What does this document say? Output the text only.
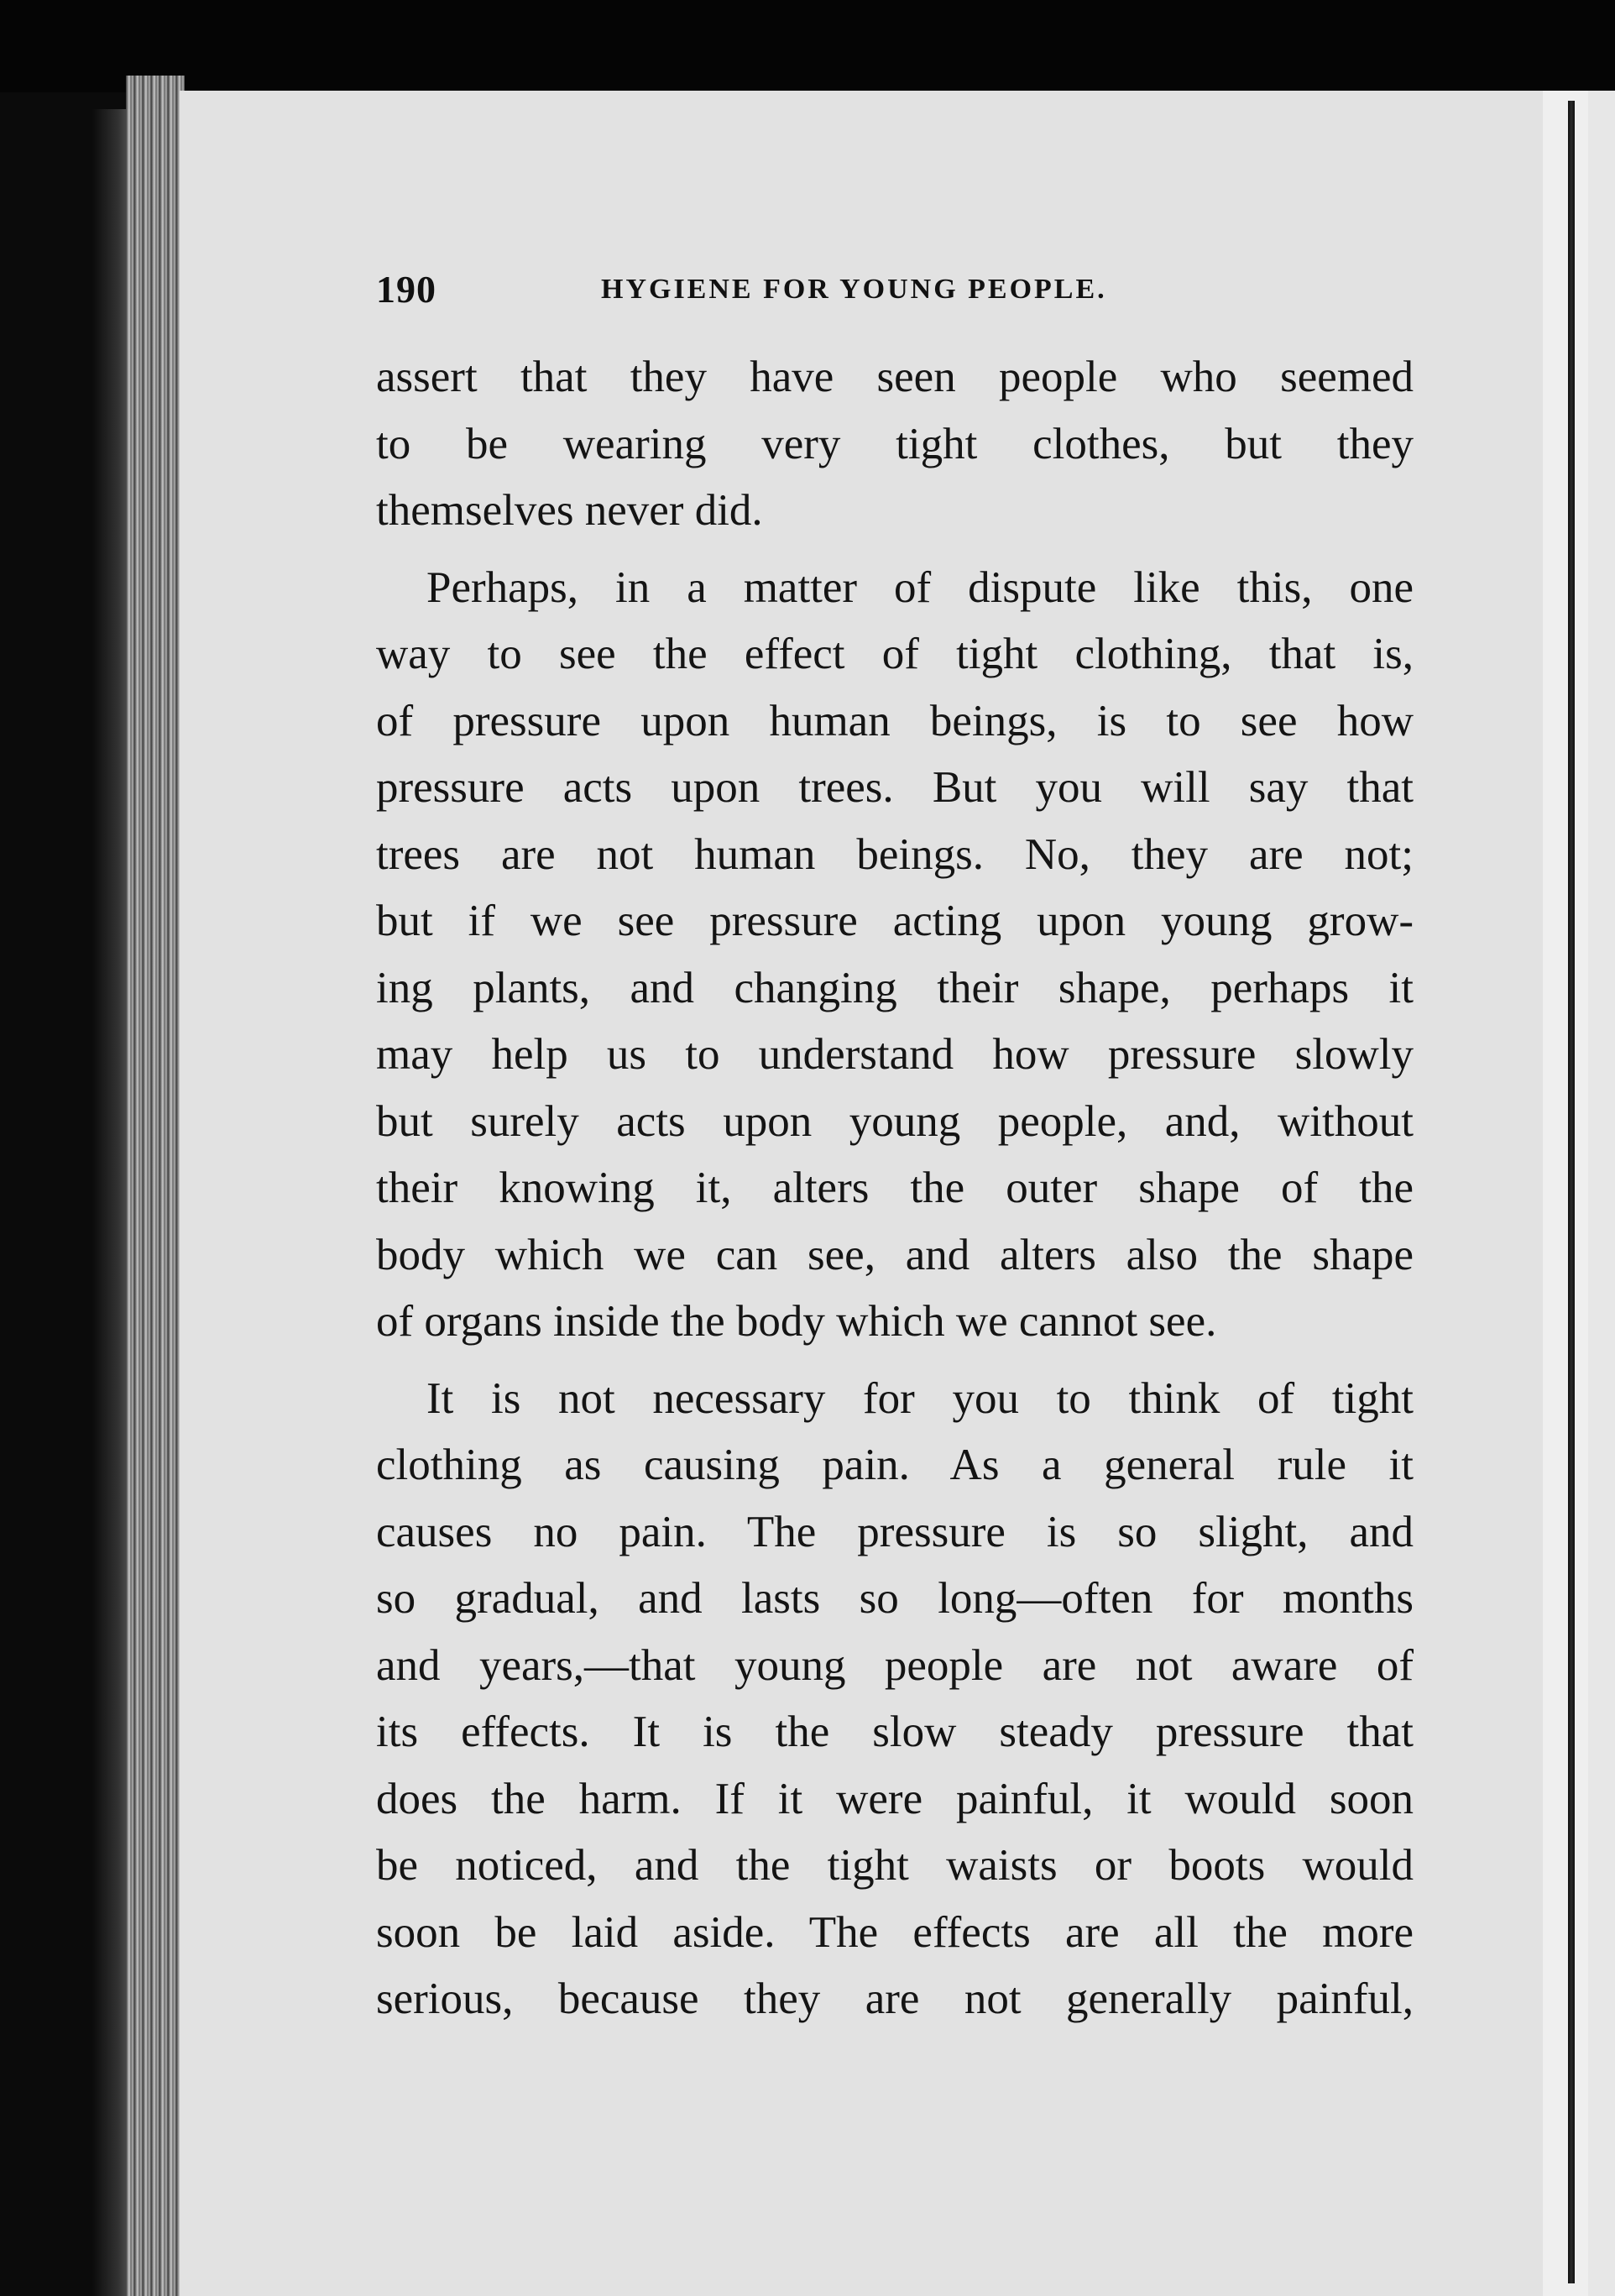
190	HYGIENE FOR YOUNG PEOPLE.
assert that they have seen people who seemed
to be wearing very tight clothes, but they
themselves never did.
Perhaps, in a matter of dispute like this, one
way to see the effect of tight clothing, that is,
of pressure upon human beings, is to see how
pressure acts upon trees. But you will say that
trees are not human beings. No, they are not;
but if we see pressure acting upon young grow-
ing plants, and changing their shape, perhaps it
may help us to understand how pressure slowly
but surely acts upon young people, and, without
their knowing it, alters the outer shape of the
body which we can see, and alters also the shape
of organs inside the body which we cannot see.
It is not necessary for you to think of tight
clothing as causing pain. As a general rule it
causes no pain. The pressure is so slight, and
so gradual, and lasts so long—often for months
and years,—that young people are not aware of
its effects. It is the slow steady pressure that
does the harm. If it were painful, it would soon
be noticed, and the tight waists or boots would
soon be laid aside. The effects are all the more
serious, because they are not generally painful,
